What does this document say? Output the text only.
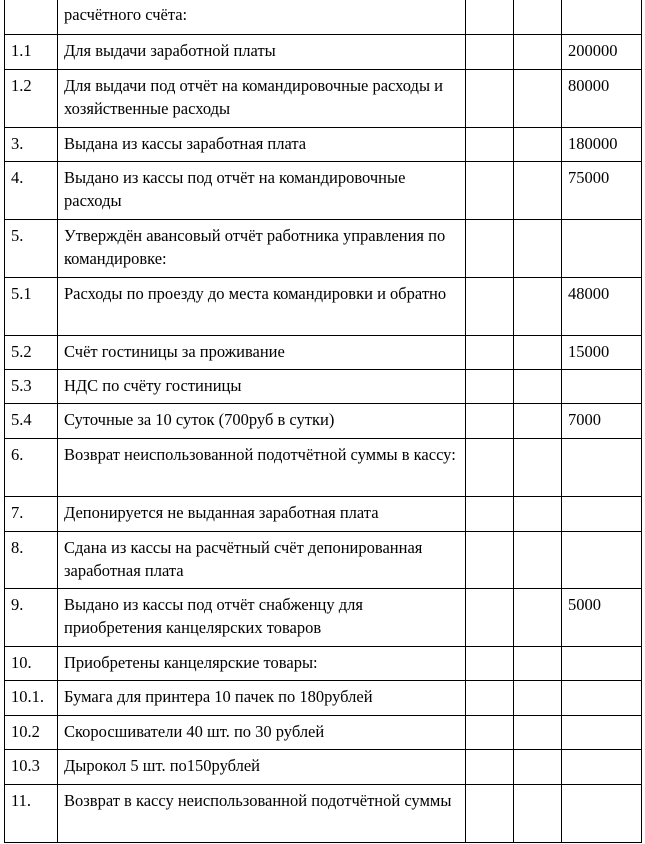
	расчётного счёта:			
1.1	Для выдачи заработной платы			200000
1.2	Для выдачи под отчёт на командировочные расходы и хозяйственные расходы			80000
3.	Выдана из кассы заработная плата			180000
4.	Выдано из кассы под отчёт на командировочные расходы			75000
5.	Утверждён авансовый отчёт работника управления по командировке:			
5.1	Расходы по проезду до места командировки и обратно			48000
5.2	Счёт гостиницы за проживание			15000
5.3	НДС по счёту гостиницы			
5.4	Суточные за 10 суток (700руб в сутки)			7000
6.	Возврат неиспользованной подотчётной суммы в кассу:			
7.	Депонируется не выданная заработная плата			
8.	Сдана из кассы на расчётный счёт депонированная заработная плата			
9.	Выдано из кассы под отчёт снабженцу для приобретения канцелярских товаров			5000
10.	Приобретены канцелярские товары:			
10.1.	Бумага для принтера 10 пачек по 180рублей			
10.2	Скоросшиватели 40 шт. по 30 рублей			
10.3	Дырокол 5 шт. по150рублей			
11.	Возврат в кассу неиспользованной подотчётной суммы			
